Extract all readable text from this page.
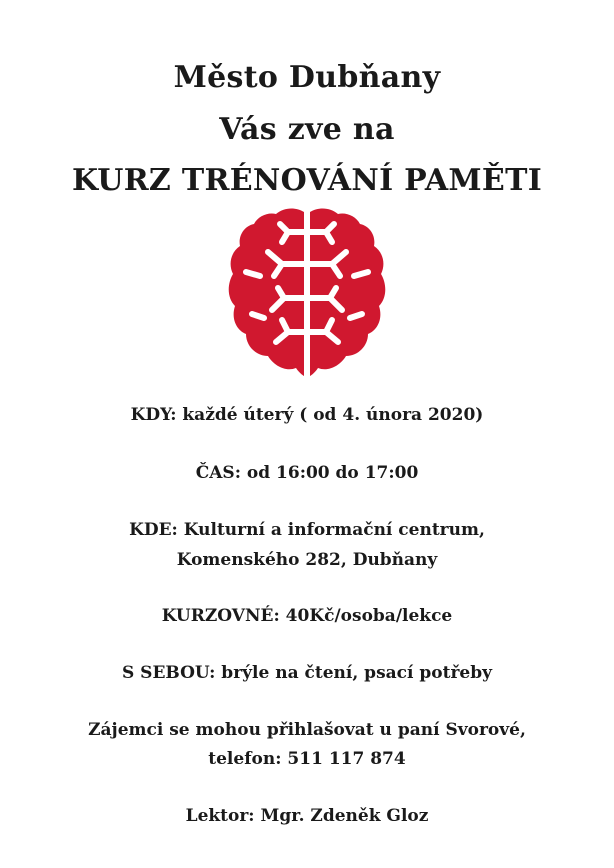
Město Dubňany
Vás zve na
KURZ TRÉNOVÁNÍ PAMĚTI
KDY: každé úterý ( od 4. února 2020)
ČAS: od 16:00 do 17:00
KDE: Kulturní a informační centrum,
Komenského 282, Dubňany
KURZOVNÉ: 40Kč/osoba/lekce
S SEBOU: brýle na čtení, psací potřeby
Zájemci se mohou přihlašovat u paní Svorové,
telefon: 511 117 874
Lektor: Mgr. Zdeněk Gloz
